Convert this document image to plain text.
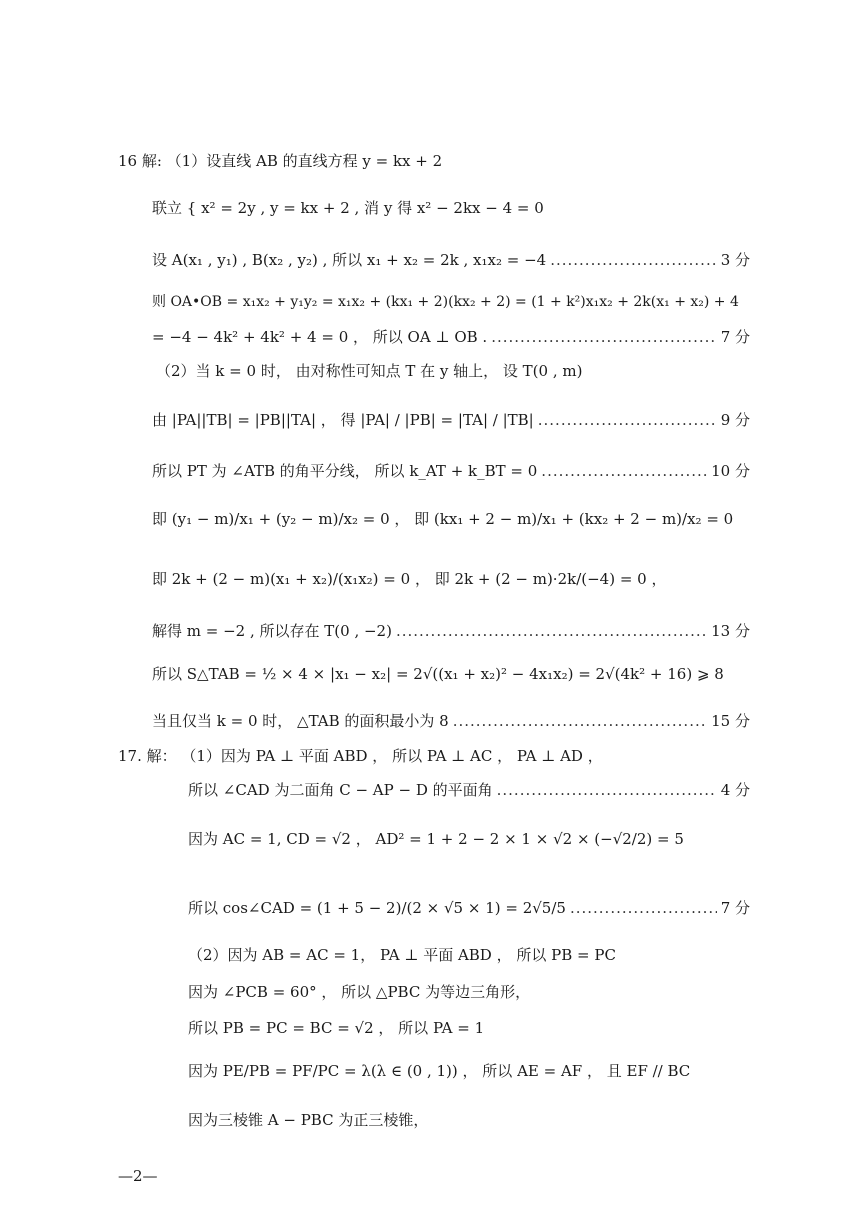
16 解: （1）设直线 AB 的直线方程 y = kx + 2
联立 { x² = 2y , y = kx + 2 , 消 y 得 x² − 2kx − 4 = 0
设 A(x₁ , y₁) , B(x₂ , y₂) , 所以 x₁ + x₂ = 2k , x₁x₂ = −4 .....	3 分
则 OA•OB = x₁x₂ + y₁y₂ = x₁x₂ + (kx₁ + 2)(kx₂ + 2) = (1 + k²)x₁x₂ + 2k(x₁ + x₂) + 4
= −4 − 4k² + 4k² + 4 = 0 ， 所以 OA ⊥ OB . .....	7 分
（2）当 k = 0 时， 由对称性可知点 T 在 y 轴上， 设 T(0 , m)
由 |PA||TB| = |PB||TA| ， 得 |PA| / |PB| = |TA| / |TB| .....	9 分
所以 PT 为 ∠ATB 的角平分线， 所以 k_AT + k_BT = 0 .....	10 分
即 (y₁ − m)/x₁ + (y₂ − m)/x₂ = 0 ， 即 (kx₁ + 2 − m)/x₁ + (kx₂ + 2 − m)/x₂ = 0
即 2k + (2 − m)(x₁ + x₂)/(x₁x₂) = 0 ， 即 2k + (2 − m)·2k/(−4) = 0 ，
解得 m = −2 , 所以存在 T(0 , −2) .....	13 分
所以 S△TAB = ½ × 4 × |x₁ − x₂| = 2√((x₁ + x₂)² − 4x₁x₂) = 2√(4k² + 16) ⩾ 8
当且仅当 k = 0 时， △TAB 的面积最小为 8 .....	15 分
17. 解： （1）因为 PA ⊥ 平面 ABD ， 所以 PA ⊥ AC ， PA ⊥ AD ，
所以 ∠CAD 为二面角 C − AP − D 的平面角 .....	4 分
因为 AC = 1, CD = √2 ， AD² = 1 + 2 − 2 × 1 × √2 × (−√2/2) = 5
所以 cos∠CAD = (1 + 5 − 2)/(2 × √5 × 1) = 2√5/5 .....	7 分
（2）因为 AB = AC = 1， PA ⊥ 平面 ABD ， 所以 PB = PC
因为 ∠PCB = 60° ， 所以 △PBC 为等边三角形，
所以 PB = PC = BC = √2 ， 所以 PA = 1
因为 PE/PB = PF/PC = λ(λ ∈ (0 , 1)) ， 所以 AE = AF ， 且 EF // BC
因为三棱锥 A − PBC 为正三棱锥，
—2—
